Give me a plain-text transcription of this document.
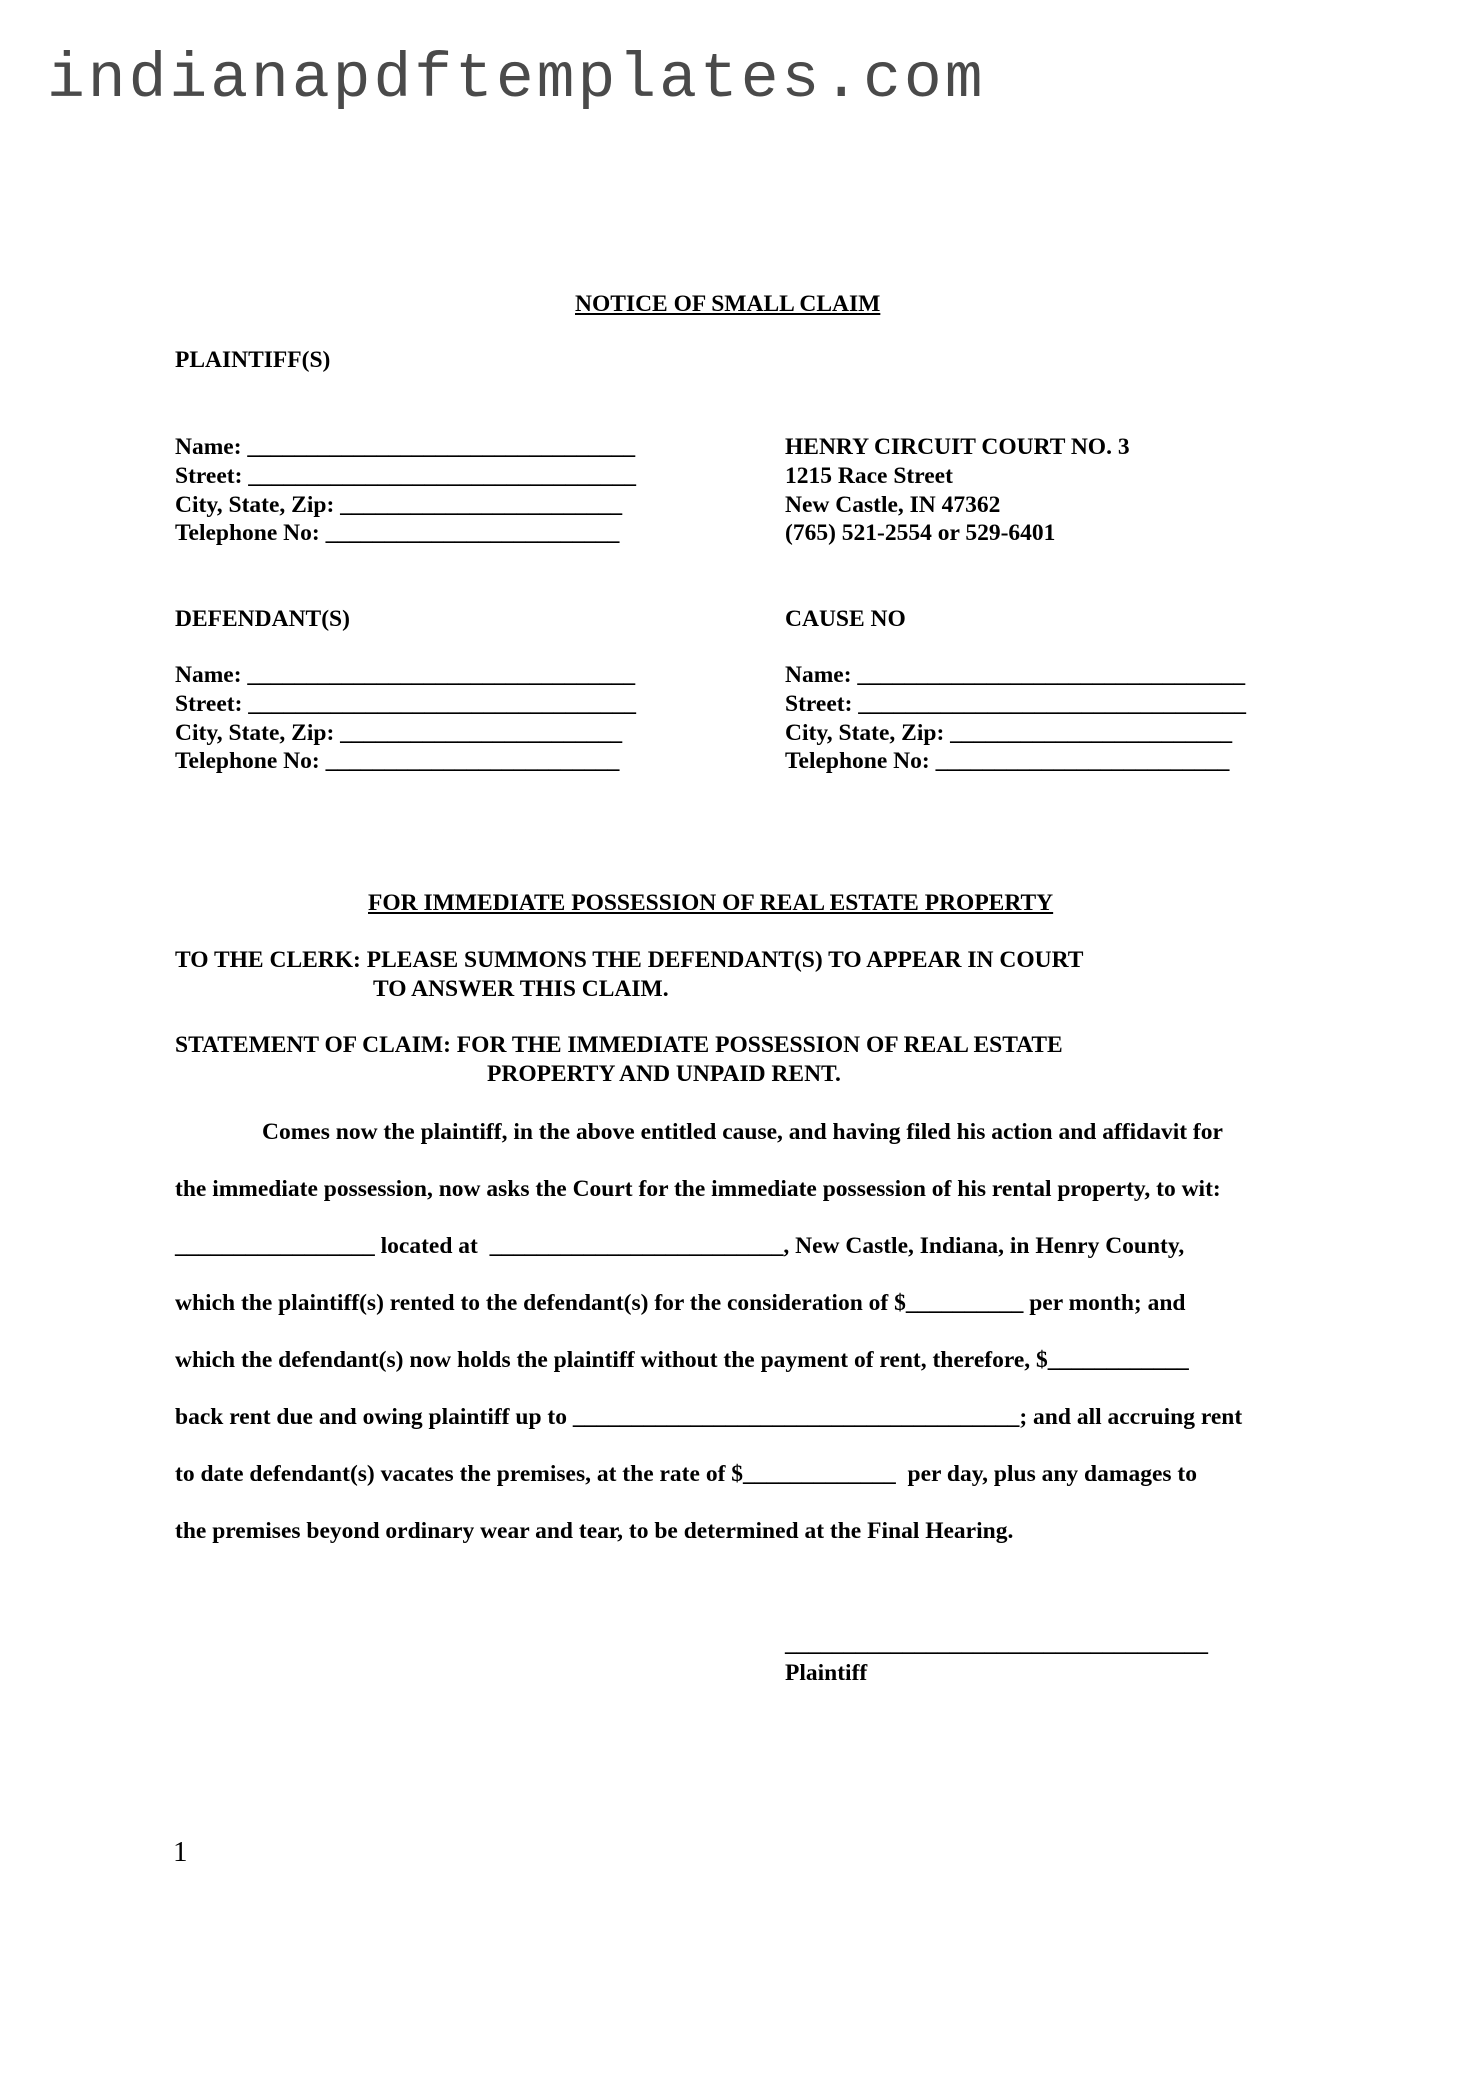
indianapdftemplates.com
NOTICE OF SMALL CLAIM
PLAINTIFF(S)
Name: _________________________________
Street: _________________________________
City, State, Zip: ________________________
Telephone No: _________________________
HENRY CIRCUIT COURT NO. 3
1215 Race Street
New Castle, IN 47362
(765) 521-2554 or 529-6401
DEFENDANT(S)
Name: _________________________________
Street: _________________________________
City, State, Zip: ________________________
Telephone No: _________________________
CAUSE NO
Name: _________________________________
Street: _________________________________
City, State, Zip: ________________________
Telephone No: _________________________
FOR IMMEDIATE POSSESSION OF REAL ESTATE PROPERTY
TO THE CLERK: PLEASE SUMMONS THE DEFENDANT(S) TO APPEAR IN COURT
TO ANSWER THIS CLAIM.
STATEMENT OF CLAIM: FOR THE IMMEDIATE POSSESSION OF REAL ESTATE
PROPERTY AND UNPAID RENT.
Comes now the plaintiff, in the above entitled cause, and having filed his action and affidavit for
the immediate possession, now asks the Court for the immediate possession of his rental property, to wit:
_________________ located at  _________________________, New Castle, Indiana, in Henry County,
which the plaintiff(s) rented to the defendant(s) for the consideration of $__________ per month; and
which the defendant(s) now holds the plaintiff without the payment of rent, therefore, $____________
back rent due and owing plaintiff up to ______________________________________; and all accruing rent
to date defendant(s) vacates the premises, at the rate of $_____________  per day, plus any damages to
the premises beyond ordinary wear and tear, to be determined at the Final Hearing.
____________________________________
Plaintiff
1
